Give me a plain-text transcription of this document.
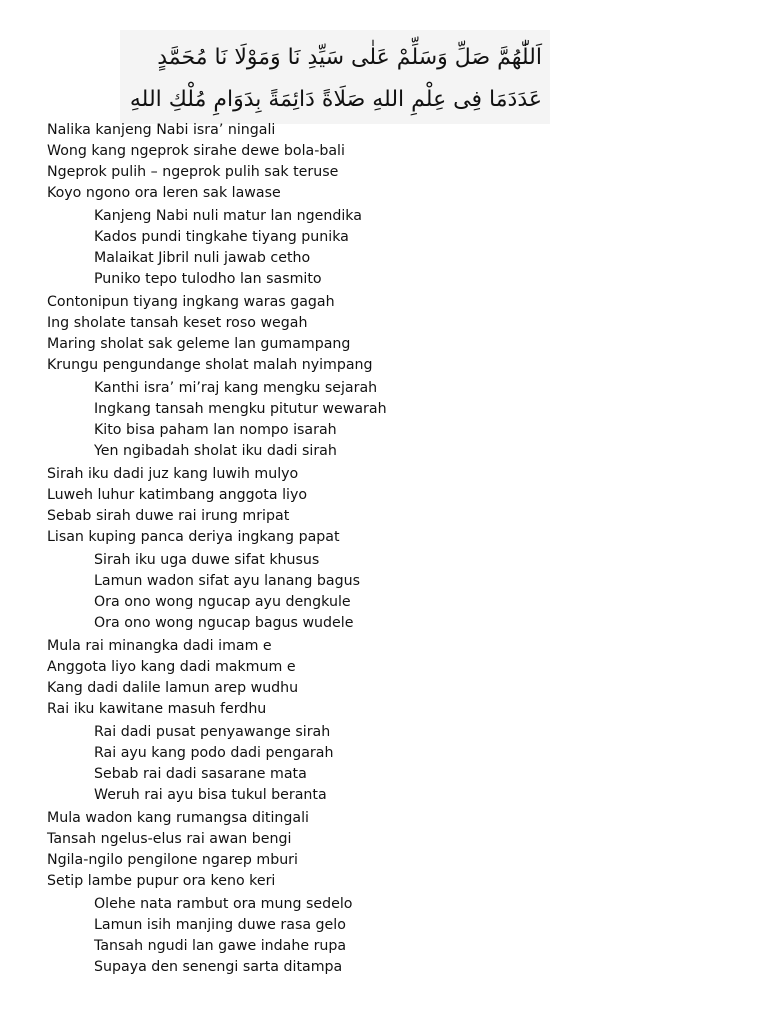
اَللّٰهُمَّ صَلِّ وَسَلِّمْ عَلٰى سَيِّدِ نَا وَمَوْلَا نَا مُحَمَّدٍ
عَدَدَمَا فِى عِلْمِ اللهِ صَلَاةً دَائِمَةً بِدَوَامِ مُلْكِ اللهِ
Nalika kanjeng Nabi isra’ ningali
Wong kang ngeprok sirahe dewe bola-bali
Ngeprok pulih – ngeprok pulih sak teruse
Koyo ngono ora leren sak lawase
Kanjeng Nabi nuli matur lan ngendika
Kados pundi tingkahe tiyang punika
Malaikat Jibril nuli jawab cetho
Puniko tepo tulodho lan sasmito
Contonipun tiyang ingkang waras gagah
Ing sholate tansah keset roso wegah
Maring sholat sak geleme lan gumampang
Krungu pengundange sholat malah nyimpang
Kanthi isra’ mi’raj kang mengku sejarah
Ingkang tansah mengku pitutur wewarah
Kito bisa paham lan nompo isarah
Yen ngibadah sholat iku dadi sirah
Sirah iku dadi juz kang luwih mulyo
Luweh luhur katimbang anggota liyo
Sebab sirah duwe rai irung mripat
Lisan kuping panca deriya ingkang papat
Sirah iku uga duwe sifat khusus
Lamun wadon sifat ayu lanang bagus
Ora ono wong ngucap ayu dengkule
Ora ono wong ngucap bagus wudele
Mula rai minangka dadi imam e
Anggota liyo kang dadi makmum e
Kang dadi dalile lamun arep wudhu
Rai iku kawitane masuh ferdhu
Rai dadi pusat penyawange sirah
Rai ayu kang podo dadi pengarah
Sebab rai dadi sasarane mata
Weruh rai ayu bisa tukul beranta
Mula wadon kang rumangsa ditingali
Tansah ngelus-elus rai awan bengi
Ngila-ngilo pengilone ngarep mburi
Setip lambe pupur ora keno keri
Olehe nata rambut ora mung sedelo
Lamun isih manjing duwe rasa gelo
Tansah ngudi lan gawe indahe rupa
Supaya den senengi sarta ditampa
